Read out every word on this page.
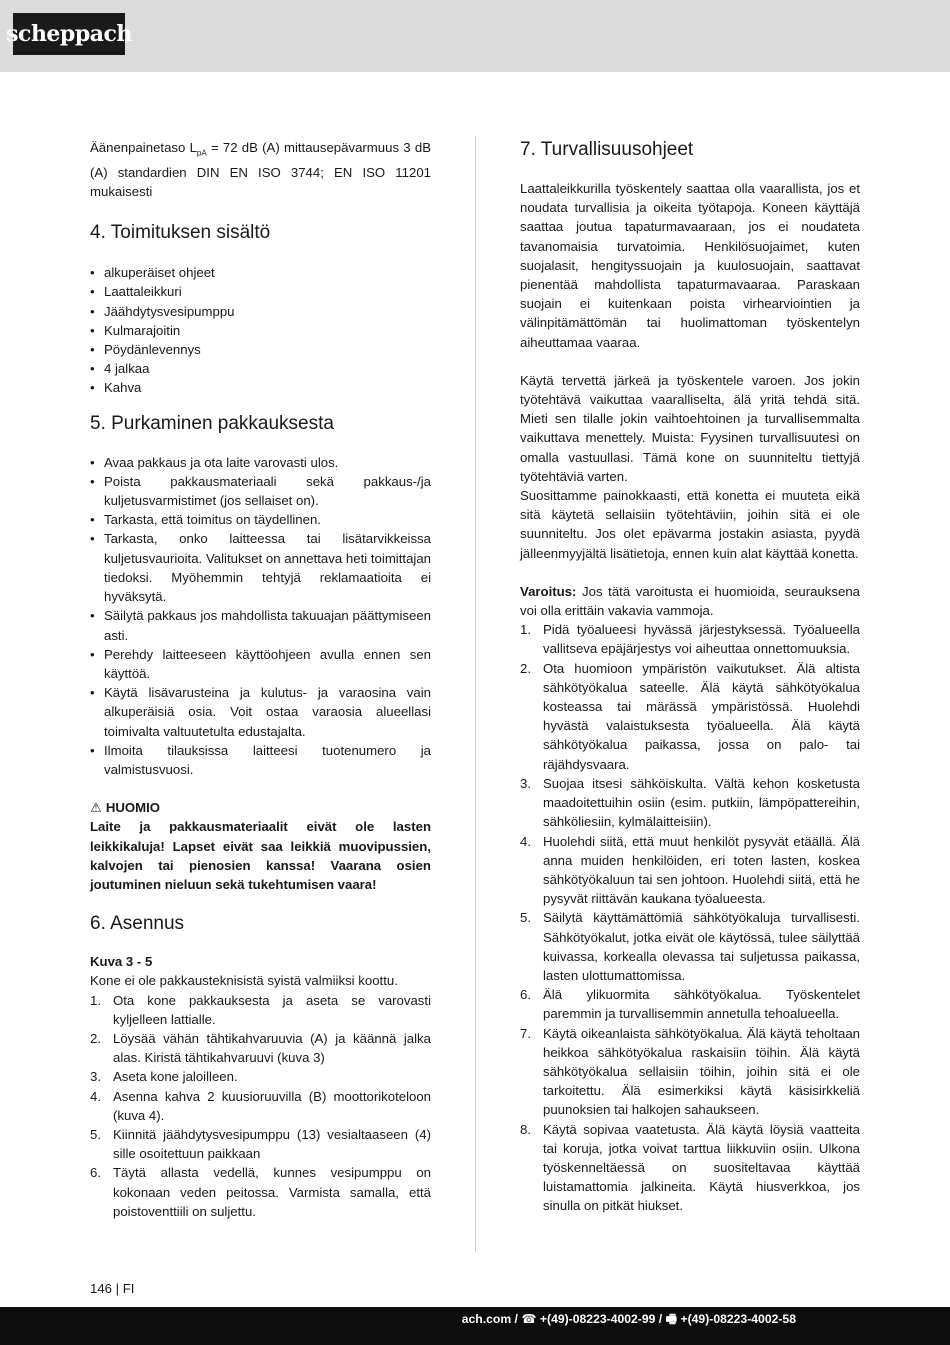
scheppach

Äänenpainetaso $L_{pA} = 72$ dB (A) mittausepävarmuus 3 dB (A) standardien DIN EN ISO 3744; EN ISO 11201 mukaisesti

4. Toimituksen sisältö
• alkuperäiset ohjeet
• Laattaleikkuri
• Jäähdytysvesipumppu
• Kulmarajoitin
• Pöydänlevennys
• 4 jalkaa
• Kahva
5. Purkaminen pakkauksesta
• Avaa pakkaus ja ota laite varovasti ulos.
• Poista pakkausmateriaali sekä pakkaus-/ja kuljetusvarmistimet (jos sellaiset on).
• Tarkasta, että toimitus on täydellinen.
• Tarkasta, onko laitteessa tai lisätarvikkeissa kuljetusvaurioita. Valitukset on annettava heti toimittajan tiedoksi. Myöhemmin tehtyjä reklamaatioita ei hyväksytä.
• Säilytä pakkaus jos mahdollista takuuajan päättymiseen asti.
• Perehdy laitteeseen käyttöohjeen avulla ennen sen käyttöä.
• Käytä lisävarusteina ja kulutus- ja varaosina vain alkuperäisiä osia. Voit ostaa varaosia alueellasi toimivalta valtuutetulta edustajalta.
• Ilmoita tilauksissa laitteesi tuotenumero ja valmistusvuosi.
⚠ HUOMIO

Laite ja pakkausmateriaalit eivät ole lasten leikkikaluja! Lapset eivät saa leikkiä muovipussien, kalvojen tai pienosien kanssa! Vaarana osien joutuminen nieluun sekä tukehtumisen vaara!

6. Asennus
Kuva 3 - 5

Kone ei ole pakkausteknisistä syistä valmiiksi koottu.

1. Ota kone pakkauksesta ja aseta se varovasti kyljelleen lattialle.
2. Löysää vähän tähtikahvaruuvia (A) ja käännä jalka alas. Kiristä tähtikahvaruuvi (kuva 3)
3. Aseta kone jaloilleen.
4. Asenna kahva 2 kuusioruuvilla (B) moottorikoteloon (kuva 4).
5. Kiinnitä jäähdytysvesipumppu (13) vesialtaaseen (4) sille osoitettuun paikkaan
6. Täytä allasta vedellä, kunnes vesipumppu on kokonaan veden peitossa. Varmista samalla, että poistoventtiili on suljettu.
7. Turvallisuusohjeet

Laattaleikkurilla työskentely saattaa olla vaarallista, jos et noudata turvallisia ja oikeita työtapoja. Koneen käyttäjä saattaa joutua tapaturmavaaraan, jos ei noudateta tavanomaisia turvatoimia. Henkilösuojaimet, kuten suojalasit, hengityssuojain ja kuulosuojain, saattavat pienentää mahdollista tapaturmavaaraa. Paraskaan suojain ei kuitenkaan poista virhearviointien ja välinpitämättömän tai huolimattoman työskentelyn aiheuttamaa vaaraa.

Käytä tervettä järkeä ja työskentele varoen. Jos jokin työtehtävä vaikuttaa vaaralliselta, älä yritä tehdä sitä. Mieti sen tilalle jokin vaihtoehtoinen ja turvallisemmalta vaikuttava menettely. Muista: Fyysinen turvallisuutesi on omalla vastuullasi. Tämä kone on suunniteltu tiettyjä työtehtäviä varten.

Suosittamme painokkaasti, että konetta ei muuteta eikä sitä käytetä sellaisiin työtehtäviin, joihin sitä ei ole suunniteltu. Jos olet epävarma jostakin asiasta, pyydä jälleenmyyjältä lisätietoja, ennen kuin alat käyttää konetta.

Varoitus: Jos tätä varoitusta ei huomioida, seurauksena voi olla erittäin vakavia vammoja.

1. Pidä työalueesi hyvässä järjestyksessä. Työalueella vallitseva epäjärjestys voi aiheuttaa onnettomuuksia.
2. Ota huomioon ympäristön vaikutukset. Älä altista sähkötyökalua sateelle. Älä käytä sähkötyökalua kosteassa tai märässä ympäristössä. Huolehdi hyvästä valaistuksesta työalueella. Älä käytä sähkötyökalua paikassa, jossa on palo- tai räjähdysvaara.
3. Suojaa itsesi sähköiskulta. Vältä kehon kosketusta maadoitettuihin osiin (esim. putkiin, lämpöpattereihin, sähköliesiin, kylmälaitteisiin).
4. Huolehdi siitä, että muut henkilöt pysyvät etäällä. Älä anna muiden henkilöiden, eri toten lasten, koskea sähkötyökaluun tai sen johtoon. Huolehdi siitä, että he pysyvät riittävän kaukana työalueesta.
5. Säilytä käyttämättömiä sähkötyökaluja turvallisesti. Sähkötyökalut, jotka eivät ole käytössä, tulee säilyttää kuivassa, korkealla olevassa tai suljetussa paikassa, lasten ulottumattomissa.
6. Älä ylikuormita sähkötyökalua. Työskentelet paremmin ja turvallisemmin annetulla tehoalueella.
7. Käytä oikeanlaista sähkötyökalua. Älä käytä teholtaan heikkoa sähkötyökalua raskaisiin töihin. Älä käytä sähkötyökalua sellaisiin töihin, joihin sitä ei ole tarkoitettu. Älä esimerkiksi käytä käsisirkkeliä puunoksien tai halkojen sahaukseen.
8. Käytä sopivaa vaatetusta. Älä käytä löysiä vaatteita tai koruja, jotka voivat tarttua liikkuviin osiin. Ulkona työskenneltäessä on suositeltavaa käyttää luistamattomia jalkineita. Käytä hiusverkkoa, jos sinulla on pitkät hiukset.
146 | FI
ach.com / ☎ +(49)-08223-4002-99 / 🖷 +(49)-08223-4002-58
